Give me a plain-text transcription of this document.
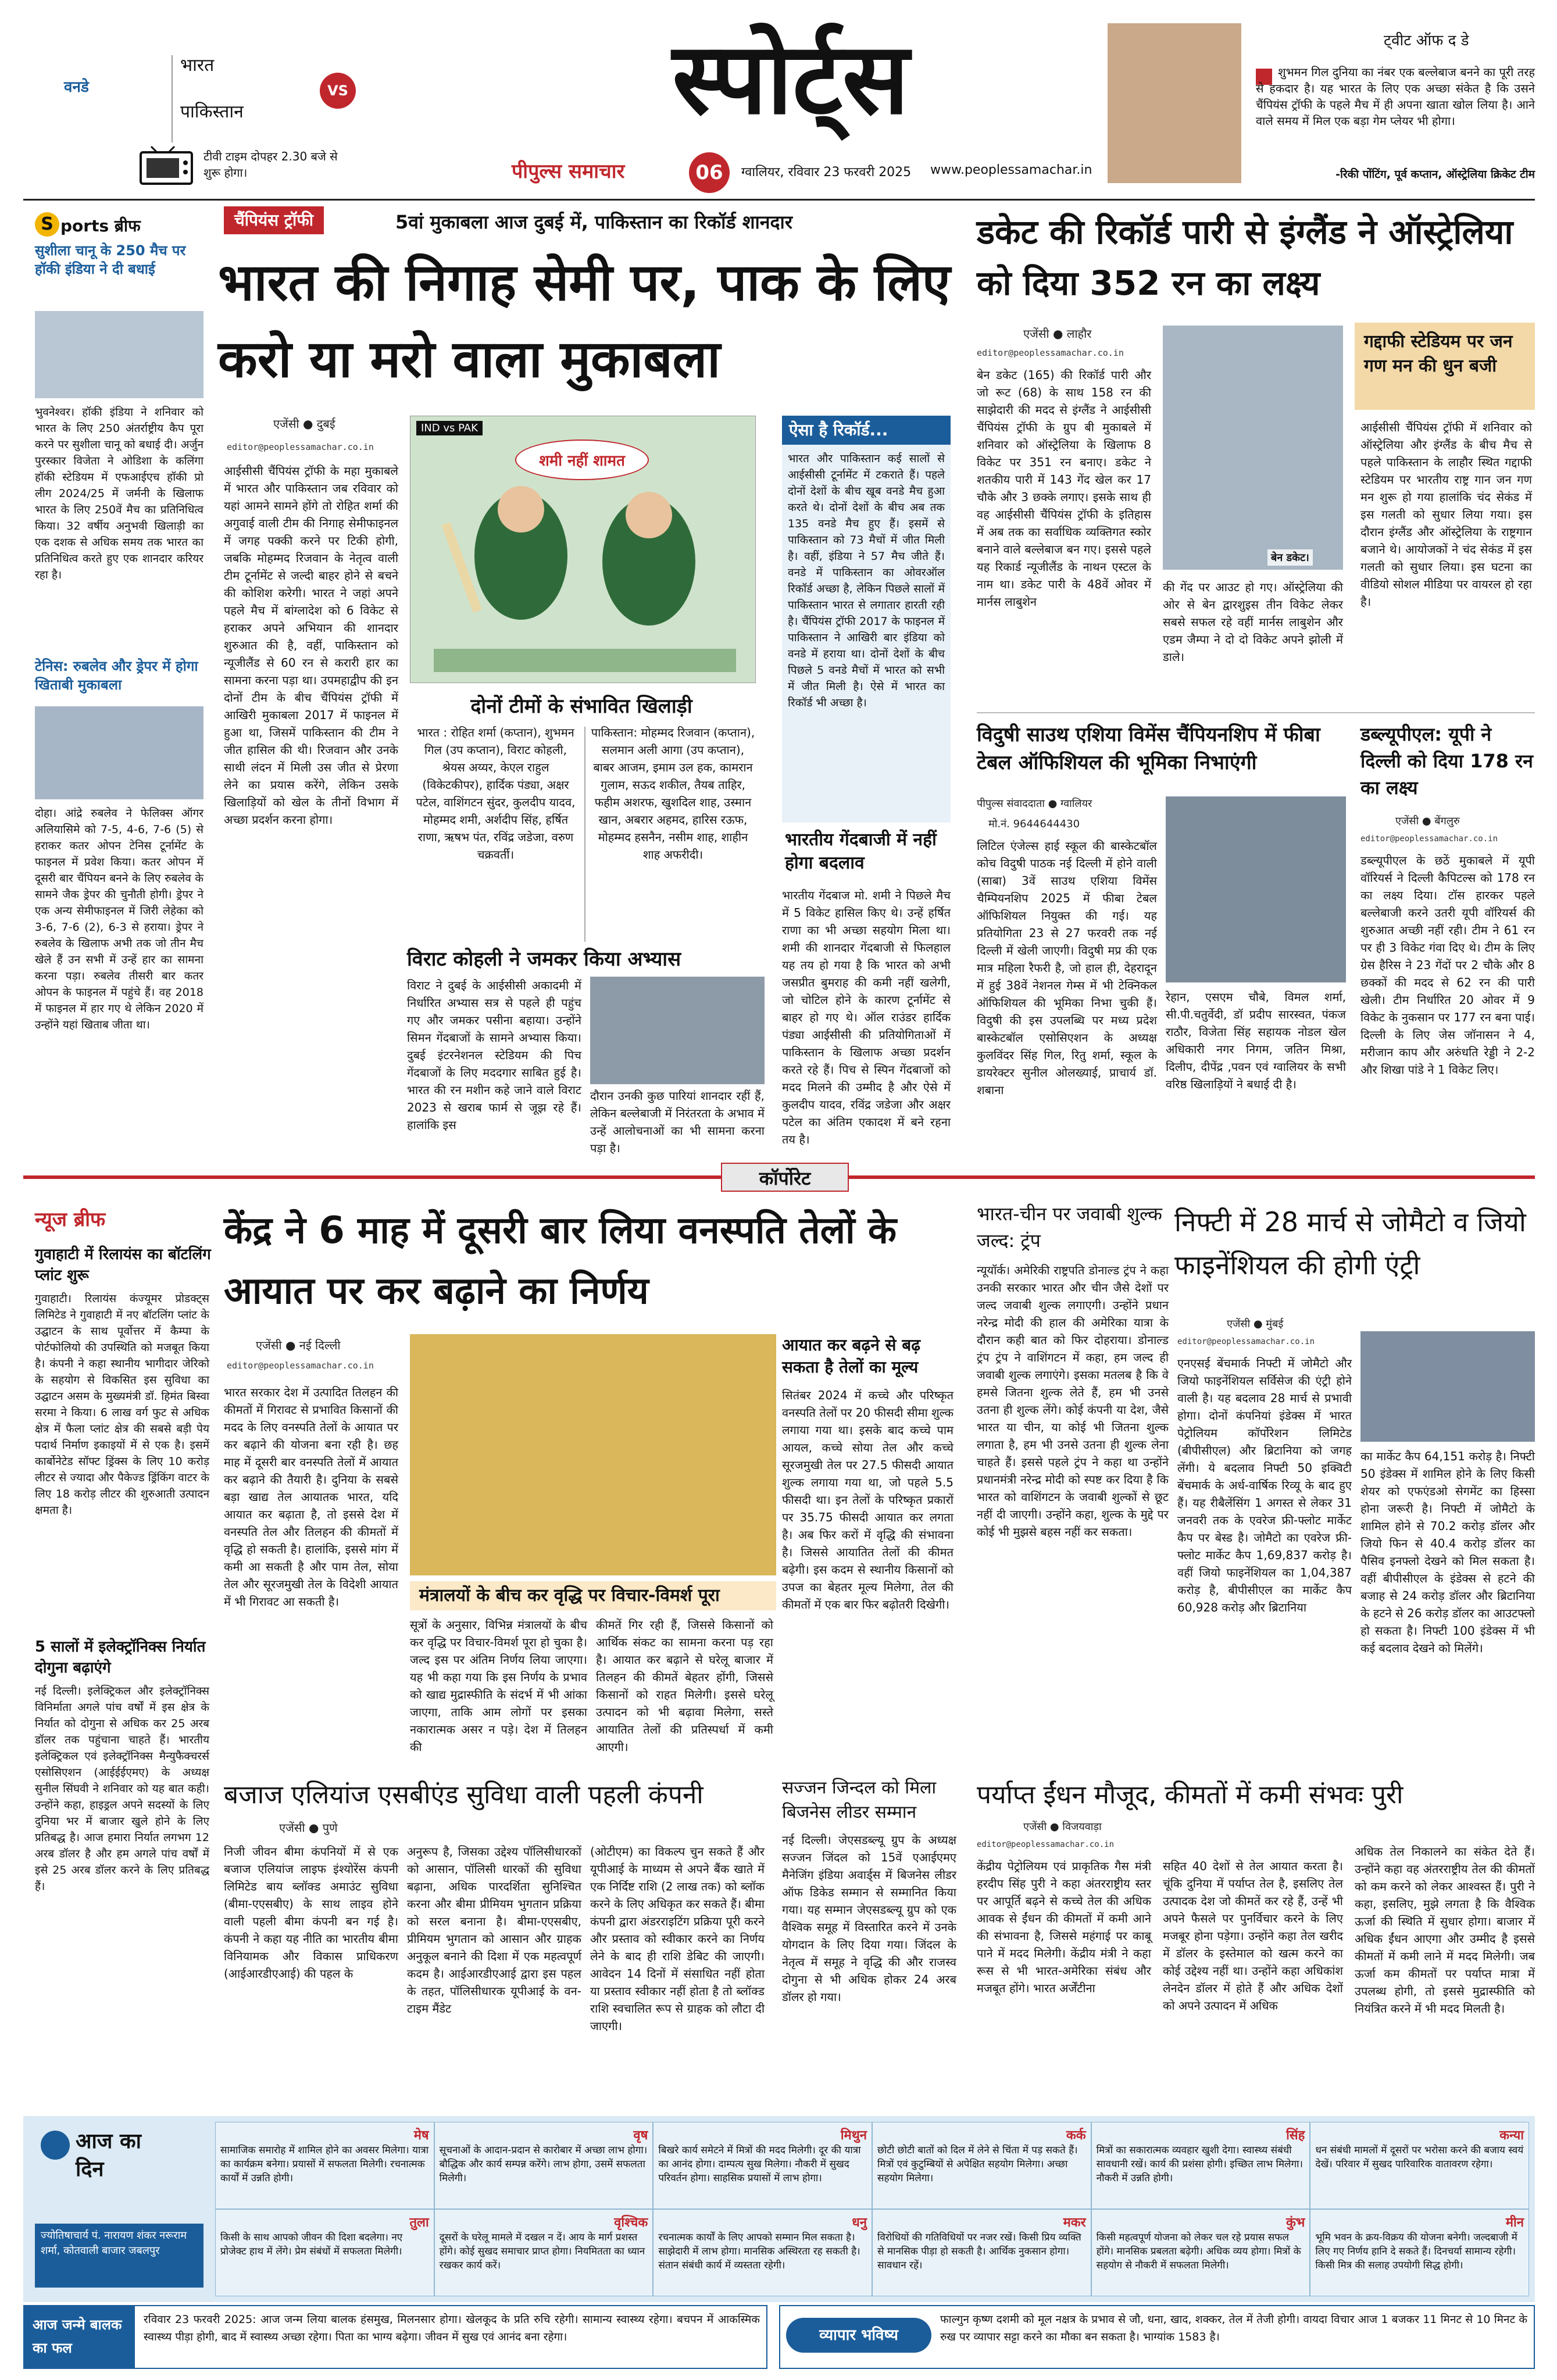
वनडे
भारत
पाकिस्तान
VS
टीवी टाइम दोपहर 2.30 बजे से शुरू होगा।
स्पोर्ट्स
पीपुल्स समाचार	06	ग्वालियर, रविवार 23 फरवरी 2025 www.peoplessamachar.in
ट्वीट ऑफ द डे
शुभमन गिल दुनिया का नंबर एक बल्लेबाज बनने का पूरी तरह से हकदार है। यह भारत के लिए एक अच्छा संकेत है कि उसने चैंपियंस ट्रॉफी के पहले मैच में ही अपना खाता खोल लिया है। आने वाले समय में मिल एक बड़ा गेम प्लेयर भी होगा।
-रिकी पोंटिंग, पूर्व कप्तान, ऑस्ट्रेलिया क्रिकेट टीम
S ports ब्रीफ
सुशीला चानू के 250 मैच पर हॉकी इंडिया ने दी बधाई
भुवनेश्वर। हॉकी इंडिया ने शनिवार को भारत के लिए 250 अंतर्राष्ट्रीय कैप पूरा करने पर सुशीला चानू को बधाई दी। अर्जुन पुरस्कार विजेता ने ओडिशा के कलिंगा हॉकी स्टेडियम में एफआईएच हॉकी प्रो लीग 2024/25 में जर्मनी के खिलाफ भारत के लिए 250वें मैच का प्रतिनिधित्व किया। 32 वर्षीय अनुभवी खिलाड़ी का एक दशक से अधिक समय तक भारत का प्रतिनिधित्व करते हुए एक शानदार करियर रहा है।
टेनिस: रुबलेव और ड्रेपर में होगा खिताबी मुकाबला
दोहा। आंद्रे रुबलेव ने फेलिक्स ऑगर अलियासिमे को 7-5, 4-6, 7-6 (5) से हराकर कतर ओपन टेनिस टूर्नामेंट के फाइनल में प्रवेश किया। कतर ओपन में दूसरी बार चैंपियन बनने के लिए रुबलेव के सामने जैक ड्रेपर की चुनौती होगी। ड्रेपर ने एक अन्य सेमीफाइनल में जिरी लेहेका को 3-6, 7-6 (2), 6-3 से हराया। ड्रेपर ने रुबलेव के खिलाफ अभी तक जो तीन मैच खेले हैं उन सभी में उन्हें हार का सामना करना पड़ा। रुबलेव तीसरी बार कतर ओपन के फाइनल में पहुंचे हैं। वह 2018 में फाइनल में हार गए थे लेकिन 2020 में उन्होंने यहां खिताब जीता था।
चैंपियंस ट्रॉफी	5वां मुकाबला आज दुबई में, पाकिस्तान का रिकॉर्ड शानदार
भारत की निगाह सेमी पर, पाक के लिए करो या मरो वाला मुकाबला
एजेंसी ● दुबई
editor@peoplessamachar.co.in
आईसीसी चैंपियंस ट्रॉफी के महा मुकाबले में भारत और पाकिस्तान जब रविवार को यहां आमने सामने होंगे तो रोहित शर्मा की अगुवाई वाली टीम की निगाह सेमीफाइनल में जगह पक्की करने पर टिकी होगी, जबकि मोहम्मद रिजवान के नेतृत्व वाली टीम टूर्नामेंट से जल्दी बाहर होने से बचने की कोशिश करेगी। भारत ने जहां अपने पहले मैच में बांग्लादेश को 6 विकेट से हराकर अपने अभियान की शानदार शुरुआत की है, वहीं, पाकिस्तान को न्यूजीलैंड से 60 रन से करारी हार का सामना करना पड़ा था। उपमहाद्वीप की इन दोनों टीम के बीच चैंपियंस ट्रॉफी में आखिरी मुकाबला 2017 में फाइनल में हुआ था, जिसमें पाकिस्तान की टीम ने जीत हासिल की थी। रिजवान और उनके साथी लंदन में मिली उस जीत से प्रेरणा लेने का प्रयास करेंगे, लेकिन उसके खिलाड़ियों को खेल के तीनों विभाग में अच्छा प्रदर्शन करना होगा।
IND vs PAK
शमी नहीं शामत
दोनों टीमों के संभावित खिलाड़ी
भारत : रोहित शर्मा (कप्तान), शुभमन गिल (उप कप्तान), विराट कोहली, श्रेयस अय्यर, केएल राहुल (विकेटकीपर), हार्दिक पंड्या, अक्षर पटेल, वाशिंगटन सुंदर, कुलदीप यादव, मोहम्मद शमी, अर्शदीप सिंह, हर्षित राणा, ऋषभ पंत, रविंद्र जडेजा, वरुण चक्रवर्ती।
पाकिस्तान: मोहम्मद रिजवान (कप्तान), सलमान अली आगा (उप कप्तान), बाबर आजम, इमाम उल हक, कामरान गुलाम, सऊद शकील, तैयब ताहिर, फहीम अशरफ, खुशदिल शाह, उस्मान खान, अबरार अहमद, हारिस रऊफ, मोहम्मद हसनैन, नसीम शाह, शाहीन शाह अफरीदी।
विराट कोहली ने जमकर किया अभ्यास
विराट ने दुबई के आईसीसी अकादमी में निर्धारित अभ्यास सत्र से पहले ही पहुंच गए और जमकर पसीना बहाया। उन्होंने सिमन गेंदबाजों के सामने अभ्यास किया। दुबई इंटरनेशनल स्टेडियम की पिच गेंदबाजों के लिए मददगार साबित हुई है। भारत की रन मशीन कहे जाने वाले विराट 2023 से खराब फार्म से जूझ रहे हैं। हालांकि इस
दौरान उनकी कुछ पारियां शानदार रहीं हैं, लेकिन बल्लेबाजी में निरंतरता के अभाव में उन्हें आलोचनाओं का भी सामना करना पड़ा है।
ऐसा है रिकॉर्ड...
भारत और पाकिस्तान कई सालों से आईसीसी टूर्नामेंट में टकराते हैं। पहले दोनों देशों के बीच खूब वनडे मैच हुआ करते थे। दोनों देशों के बीच अब तक 135 वनडे मैच हुए हैं। इसमें से पाकिस्तान को 73 मैचों में जीत मिली है। वहीं, इंडिया ने 57 मैच जीते हैं। वनडे में पाकिस्तान का ओवरऑल रिकॉर्ड अच्छा है, लेकिन पिछले सालों में पाकिस्तान भारत से लगातार हारती रही है। चैंपियंस ट्रॉफी 2017 के फाइनल में पाकिस्तान ने आखिरी बार इंडिया को वनडे में हराया था। दोनों देशों के बीच पिछले 5 वनडे मैचों में भारत को सभी में जीत मिली है। ऐसे में भारत का रिकॉर्ड भी अच्छा है।
भारतीय गेंदबाजी में नहीं होगा बदलाव
भारतीय गेंदबाज मो. शमी ने पिछले मैच में 5 विकेट हासिल किए थे। उन्हें हर्षित राणा का भी अच्छा सहयोग मिला था। शमी की शानदार गेंदबाजी से फिलहाल यह तय हो गया है कि भारत को अभी जसप्रीत बुमराह की कमी नहीं खलेगी, जो चोटिल होने के कारण टूर्नामेंट से बाहर हो गए थे। ऑल राउंडर हार्दिक पंड्या आईसीसी की प्रतियोगिताओं में पाकिस्तान के खिलाफ अच्छा प्रदर्शन करते रहे हैं। पिच से स्पिन गेंदबाजों को मदद मिलने की उम्मीद है और ऐसे में कुलदीप यादव, रविंद्र जडेजा और अक्षर पटेल का अंतिम एकादश में बने रहना तय है।
डकेट की रिकॉर्ड पारी से इंग्लैंड ने ऑस्ट्रेलिया को दिया 352 रन का लक्ष्य
एजेंसी ● लाहौर
editor@peoplessamachar.co.in
बेन डकेट (165) की रिकॉर्ड पारी और जो रूट (68) के साथ 158 रन की साझेदारी की मदद से इंग्लैंड ने आईसीसी चैंपियंस ट्रॉफी के ग्रुप बी मुकाबले में शनिवार को ऑस्ट्रेलिया के खिलाफ 8 विकेट पर 351 रन बनाए। डकेट ने शतकीय पारी में 143 गेंद खेल कर 17 चौके और 3 छक्के लगाए। इसके साथ ही वह आईसीसी चैंपियंस ट्रॉफी के इतिहास में अब तक का सर्वाधिक व्यक्तिगत स्कोर बनाने वाले बल्लेबाज बन गए। इससे पहले यह रिकार्ड न्यूजीलैंड के नाथन एस्टल के नाम था। डकेट पारी के 48वें ओवर में मार्नस लाबुशेन
बेन डकेट।
की गेंद पर आउट हो गए। ऑस्ट्रेलिया की ओर से बेन द्वारशुइस तीन विकेट लेकर सबसे सफल रहे वहीं मार्नस लाबुशेन और एडम जैम्पा ने दो दो विकेट अपने झोली में डाले।
गद्दाफी स्टेडियम पर जन गण मन की धुन बजी
आईसीसी चैंपियंस ट्रॉफी में शनिवार को ऑस्ट्रेलिया और इंग्लैंड के बीच मैच से पहले पाकिस्तान के लाहौर स्थित गद्दाफी स्टेडियम पर भारतीय राष्ट्र गान जन गण मन शुरू हो गया हालांकि चंद सेकंड में इस गलती को सुधार लिया गया। इस दौरान इंग्लैंड और ऑस्ट्रेलिया के राष्ट्रगान बजाने थे। आयोजकों ने चंद सेकंड में इस गलती को सुधार लिया। इस घटना का वीडियो सोशल मीडिया पर वायरल हो रहा है।
विदुषी साउथ एशिया विमेंस चैंपियनशिप में फीबा टेबल ऑफिशियल की भूमिका निभाएंगी
पीपुल्स संवाददाता ● ग्वालियर
मो.नं. 9644644430
लिटिल एंजेल्स हाई स्कूल की बास्केटबॉल कोच विदुषी पाठक नई दिल्ली में होने वाली (साबा) 3वें साउथ एशिया विमेंस चैम्पियनशिप 2025 में फीबा टेबल ऑफिशियल नियुक्त की गई। यह प्रतियोगिता 23 से 27 फरवरी तक नई दिल्ली में खेली जाएगी। विदुषी मप्र की एक मात्र महिला रैफरी है, जो हाल ही, देहरादून में हुई 38वें नेशनल गेम्स में भी टेक्निकल ऑफिशियल की भूमिका निभा चुकी हैं। विदुषी की इस उपलब्धि पर मध्य प्रदेश बास्केटबॉल एसोसिएशन के अध्यक्ष कुलविंदर सिंह गिल, रितु शर्मा, स्कूल के डायरेक्टर सुनील ओलख्याई, प्राचार्य डॉ. शबाना
रेहान, एसएम चौबे, विमल शर्मा, सी.पी.चतुर्वेदी, डॉ प्रदीप सारस्वत, पंकज राठौर, विजेता सिंह सहायक नोडल खेल अधिकारी नगर निगम, जतिन मिश्रा, दिलीप, दीपेंद्र ,पवन एवं ग्वालियर के सभी वरिष्ठ खिलाड़ियों ने बधाई दी है।
डब्ल्यूपीएल: यूपी ने दिल्ली को दिया 178 रन का लक्ष्य
एजेंसी ● बेंगलुरु
editor@peoplessamachar.co.in
डब्ल्यूपीएल के छठें मुकाबले में यूपी वॉरियर्स ने दिल्ली कैपिटल्स को 178 रन का लक्ष्य दिया। टॉस हारकर पहले बल्लेबाजी करने उतरी यूपी वॉरियर्स की शुरुआत अच्छी नहीं रही। टीम ने 61 रन पर ही 3 विकेट गंवा दिए थे। टीम के लिए ग्रेस हैरिस ने 23 गेंदों पर 2 चौके और 8 छक्कों की मदद से 62 रन की पारी खेली। टीम निर्धारित 20 ओवर में 9 विकेट के नुकसान पर 177 रन बना पाई। दिल्ली के लिए जेस जॉनासन ने 4, मरीजान काप और अरुंधति रेड्डी ने 2-2 और शिखा पांडे ने 1 विकेट लिए।
कॉर्पोरेट
न्यूज ब्रीफ
गुवाहाटी में रिलायंस का बॉटलिंग प्लांट शुरू
गुवाहाटी। रिलायंस कंज्यूमर प्रोडक्ट्स लिमिटेड ने गुवाहाटी में नए बॉटलिंग प्लांट के उद्घाटन के साथ पूर्वोत्तर में कैम्पा के पोर्टफोलियो की उपस्थिति को मजबूत किया है। कंपनी ने कहा स्थानीय भागीदार जेरिको के सहयोग से विकसित इस सुविधा का उद्घाटन असम के मुख्यमंत्री डॉ. हिमंत बिस्वा सरमा ने किया। 6 लाख वर्ग फुट से अधिक क्षेत्र में फैला प्लांट क्षेत्र की सबसे बड़ी पेय पदार्थ निर्माण इकाइयों में से एक है। इसमें कार्बोनेटेड सॉफ्ट ड्रिंक्स के लिए 10 करोड़ लीटर से ज्यादा और पैकेज्ड ड्रिंकिंग वाटर के लिए 18 करोड़ लीटर की शुरुआती उत्पादन क्षमता है।
5 सालों में इलेक्ट्रॉनिक्स निर्यात दोगुना बढ़ाएंगे
नई दिल्ली। इलेक्ट्रिकल और इलेक्ट्रॉनिक्स विनिर्माता अगले पांच वर्षों में इस क्षेत्र के निर्यात को दोगुना से अधिक कर 25 अरब डॉलर तक पहुंचाना चाहते हैं। भारतीय इलेक्ट्रिकल एवं इलेक्ट्रॉनिक्स मैन्युफैक्चरर्स एसोसिएशन (आईईईएमए) के अध्यक्ष सुनील सिंघवी ने शनिवार को यह बात कही। उन्होंने कहा, हाइड्रल अपने सदस्यों के लिए दुनिया भर में बाजार खुले होने के लिए प्रतिबद्ध है। आज हमारा निर्यात लगभग 12 अरब डॉलर है और हम अगले पांच वर्षों में इसे 25 अरब डॉलर करने के लिए प्रतिबद्ध हैं।
केंद्र ने 6 माह में दूसरी बार लिया वनस्पति तेलों के आयात पर कर बढ़ाने का निर्णय
एजेंसी ● नई दिल्ली
editor@peoplessamachar.co.in
भारत सरकार देश में उत्पादित तिलहन की कीमतों में गिरावट से प्रभावित किसानों की मदद के लिए वनस्पति तेलों के आयात पर कर बढ़ाने की योजना बना रही है। छह माह में दूसरी बार वनस्पति तेलों में आयात कर बढ़ाने की तैयारी है। दुनिया के सबसे बड़ा खाद्य तेल आयातक भारत, यदि आयात कर बढ़ाता है, तो इससे देश में वनस्पति तेल और तिलहन की कीमतों में वृद्धि हो सकती है। हालांकि, इससे मांग में कमी आ सकती है और पाम तेल, सोया तेल और सूरजमुखी तेल के विदेशी आयात में भी गिरावट आ सकती है।
आयात कर बढ़ने से बढ़ सकता है तेलों का मूल्य
सितंबर 2024 में कच्चे और परिष्कृत वनस्पति तेलों पर 20 फीसदी सीमा शुल्क लगाया गया था। इसके बाद कच्चे पाम आयल, कच्चे सोया तेल और कच्चे सूरजमुखी तेल पर 27.5 फीसदी आयात शुल्क लगाया गया था, जो पहले 5.5 फीसदी था। इन तेलों के परिष्कृत प्रकारों पर 35.75 फीसदी आयात कर लगता है। अब फिर करों में वृद्धि की संभावना है। जिससे आयातित तेलों की कीमत बढ़ेगी। इस कदम से स्थानीय किसानों को उपज का बेहतर मूल्य मिलेगा, तेल की कीमतों में एक बार फिर बढ़ोतरी दिखेगी।
मंत्रालयों के बीच कर वृद्धि पर विचार-विमर्श पूरा
सूत्रों के अनुसार, विभिन्न मंत्रालयों के बीच कर वृद्धि पर विचार-विमर्श पूरा हो चुका है। जल्द इस पर अंतिम निर्णय लिया जाएगा। यह भी कहा गया कि इस निर्णय के प्रभाव को खाद्य मुद्रास्फीति के संदर्भ में भी आंका जाएगा, ताकि आम लोगों पर इसका नकारात्मक असर न पड़े। देश में तिलहन की
कीमतें गिर रही हैं, जिससे किसानों को आर्थिक संकट का सामना करना पड़ रहा है। आयात कर बढ़ाने से घरेलू बाजार में तिलहन की कीमतें बेहतर होंगी, जिससे किसानों को राहत मिलेगी। इससे घरेलू उत्पादन को भी बढ़ावा मिलेगा, सस्ते आयातित तेलों की प्रतिस्पर्धा में कमी आएगी।
भारत-चीन पर जवाबी शुल्क जल्द: ट्रंप
न्यूयॉर्क। अमेरिकी राष्ट्रपति डोनाल्ड ट्रंप ने कहा उनकी सरकार भारत और चीन जैसे देशों पर जल्द जवाबी शुल्क लगाएगी। उन्होंने प्रधान नरेन्द्र मोदी की हाल की अमेरिका यात्रा के दौरान कही बात को फिर दोहराया। डोनाल्ड ट्रंप ट्रंप ने वाशिंगटन में कहा, हम जल्द ही जवाबी शुल्क लगाएंगे। इसका मतलब है कि वे हमसे जितना शुल्क लेते हैं, हम भी उनसे उतना ही शुल्क लेंगे। कोई कंपनी या देश, जैसे भारत या चीन, या कोई भी जितना शुल्क लगाता है, हम भी उनसे उतना ही शुल्क लेना चाहते हैं। इससे पहले ट्रंप ने कहा था उन्होंने प्रधानमंत्री नरेन्द्र मोदी को स्पष्ट कर दिया है कि भारत को वाशिंगटन के जवाबी शुल्कों से छूट नहीं दी जाएगी। उन्होंने कहा, शुल्क के मुद्दे पर कोई भी मुझसे बहस नहीं कर सकता।
निफ्टी में 28 मार्च से जोमैटो व जियो फाइनेंशियल की होगी एंट्री
एजेंसी ● मुंबई
editor@peoplessamachar.co.in
एनएसई बेंचमार्क निफ्टी में जोमैटो और जियो फाइनेंशियल सर्विसेज की एंट्री होने वाली है। यह बदलाव 28 मार्च से प्रभावी होगा। दोनों कंपनियां इंडेक्स में भारत पेट्रोलियम कॉर्पोरेशन लिमिटेड (बीपीसीएल) और ब्रिटानिया को जगह लेंगी। ये बदलाव निफ्टी 50 इक्विटी बेंचमार्क के अर्ध-वार्षिक रिव्यू के बाद हुए हैं। यह रीबैलेंसिंग 1 अगस्त से लेकर 31 जनवरी तक के एवरेज फ्री-फ्लोट मार्केट कैप पर बेस्ड है। जोमैटो का एवरेज फ्री-फ्लोट मार्केट कैप 1,69,837 करोड़ है। वहीं जियो फाइनेंशियल का 1,04,387 करोड़ है, बीपीसीएल का मार्केट कैप 60,928 करोड़ और ब्रिटानिया
का मार्केट कैप 64,151 करोड़ है। निफ्टी 50 इंडेक्स में शामिल होने के लिए किसी शेयर को एफएंडओ सेगमेंट का हिस्सा होना जरूरी है। निफ्टी में जोमैटो के शामिल होने से 70.2 करोड़ डॉलर और जियो फिन से 40.4 करोड़ डॉलर का पैसिव इनफ्लो देखने को मिल सकता है। वहीं बीपीसीएल के इंडेक्स से हटने की बजाह से 24 करोड़ डॉलर और ब्रिटानिया के हटने से 26 करोड़ डॉलर का आउटफ्लो हो सकता है। निफ्टी 100 इंडेक्स में भी कई बदलाव देखने को मिलेंगे।
बजाज एलियांज एसबीएंड सुविधा वाली पहली कंपनी
एजेंसी ● पुणे
निजी जीवन बीमा कंपनियों में से एक बजाज एलियांज लाइफ इंश्योरेंस कंपनी लिमिटेड बाय ब्लॉक्ड अमाउंट सुविधा (बीमा-एएसबीए) के साथ लाइव होने वाली पहली बीमा कंपनी बन गई है। कंपनी ने कहा यह नीति का भारतीय बीमा विनियामक और विकास प्राधिकरण (आईआरडीएआई) की पहल के
अनुरूप है, जिसका उद्देश्य पॉलिसीधारकों को आसान, पॉलिसी धारकों की सुविधा बढ़ाना, अधिक पारदर्शिता सुनिश्चित करना और बीमा प्रीमियम भुगतान प्रक्रिया को सरल बनाना है। बीमा-एएसबीए, प्रीमियम भुगतान को आसान और ग्राहक अनुकूल बनाने की दिशा में एक महत्वपूर्ण कदम है। आईआरडीएआई द्वारा इस पहल के तहत, पॉलिसीधारक यूपीआई के वन-टाइम मैंडेट
(ओटीएम) का विकल्प चुन सकते हैं और यूपीआई के माध्यम से अपने बैंक खाते में एक निर्दिष्ट राशि (2 लाख तक) को ब्लॉक करने के लिए अधिकृत कर सकते हैं। बीमा कंपनी द्वारा अंडरराइटिंग प्रक्रिया पूरी करने और प्रस्ताव को स्वीकार करने का निर्णय लेने के बाद ही राशि डेबिट की जाएगी। आवेदन 14 दिनों में संसाधित नहीं होता या प्रस्ताव स्वीकार नहीं होता है तो ब्लॉक्ड राशि स्वचालित रूप से ग्राहक को लौटा दी जाएगी।
सज्जन जिन्दल को मिला बिजनेस लीडर सम्मान
नई दिल्ली। जेएसडब्ल्यू ग्रुप के अध्यक्ष सज्जन जिंदल को 15वें एआईएमए मैनेजिंग इंडिया अवार्ड्स में बिजनेस लीडर ऑफ डिकेड सम्मान से सम्मानित किया गया। यह सम्मान जेएसडब्ल्यू ग्रुप को एक वैश्विक समूह में विस्तारित करने में उनके योगदान के लिए दिया गया। जिंदल के नेतृत्व में समूह ने वृद्धि की और राजस्व दोगुना से भी अधिक होकर 24 अरब डॉलर हो गया।
पर्याप्त ईंधन मौजूद, कीमतों में कमी संभवः पुरी
एजेंसी ● विजयवाड़ा
editor@peoplessamachar.co.in
केंद्रीय पेट्रोलियम एवं प्राकृतिक गैस मंत्री हरदीप सिंह पुरी ने कहा अंतरराष्ट्रीय स्तर पर आपूर्ति बढ़ने से कच्चे तेल की अधिक आवक से ईंधन की कीमतों में कमी आने की संभावना है, जिससे महंगाई पर काबू पाने में मदद मिलेगी। केंद्रीय मंत्री ने कहा रूस से भी भारत-अमेरिका संबंध और मजबूत होंगे। भारत अर्जेंटीना
सहित 40 देशों से तेल आयात करता है। चूंकि दुनिया में पर्याप्त तेल है, इसलिए तेल उत्पादक देश जो कीमतें कर रहे हैं, उन्हें भी अपने फैसले पर पुनर्विचार करने के लिए मजबूर होना पड़ेगा। उन्होंने कहा तेल खरीद में डॉलर के इस्तेमाल को खत्म करने का कोई उद्देश्य नहीं था। उन्होंने कहा अधिकांश लेनदेन डॉलर में होते हैं और अधिक देशों को अपने उत्पादन में अधिक
अधिक तेल निकालने का संकेत देते हैं। उन्होंने कहा वह अंतरराष्ट्रीय तेल की कीमतों को कम करने को लेकर आश्वस्त हैं। पुरी ने कहा, इसलिए, मुझे लगता है कि वैश्विक ऊर्जा की स्थिति में सुधार होगा। बाजार में अधिक ईंधन आएगा और उम्मीद है इससे कीमतों में कमी लाने में मदद मिलेगी। जब ऊर्जा कम कीमतों पर पर्याप्त मात्रा में उपलब्ध होगी, तो इससे मुद्रास्फीति को नियंत्रित करने में भी मदद मिलती है।
आज का दिन
ज्योतिषाचार्य पं. नारायण शंकर नरूराम शर्मा, कोतवाली बाजार जबलपुर
मेष
सामाजिक समारोह में शामिल होने का अवसर मिलेगा। यात्रा का कार्यक्रम बनेगा। प्रयासों में सफलता मिलेगी। रचनात्मक कार्यों में उन्नति होगी।
वृष
सूचनाओं के आदान-प्रदान से कारोबार में अच्छा लाभ होगा। बौद्धिक और कार्य सम्पन्न करेंगे। लाभ होगा, उसमें सफलता मिलेगी।
मिथुन
बिखरे कार्य समेटने में मित्रों की मदद मिलेगी। दूर की यात्रा का आनंद होगा। दाम्पत्य सुख मिलेगा। नौकरी में सुखद परिवर्तन होगा। साहसिक प्रयासों में लाभ होगा।
कर्क
छोटी छोटी बातों को दिल में लेने से चिंता में पड़ सकते हैं। मित्रों एवं कुटुम्बियों से अपेक्षित सहयोग मिलेगा। अच्छा सहयोग मिलेगा।
सिंह
मित्रों का सकारात्मक व्यवहार खुशी देगा। स्वास्थ्य संबंधी सावधानी रखें। कार्य की प्रशंसा होगी। इच्छित लाभ मिलेगा। नौकरी में उन्नति होगी।
कन्या
धन संबंधी मामलों में दूसरों पर भरोसा करने की बजाय स्वयं देखें। परिवार में सुखद पारिवारिक वातावरण रहेगा।
तुला
किसी के साथ आपको जीवन की दिशा बदलेगा। नए प्रोजेक्ट हाथ में लेंगे। प्रेम संबंधों में सफलता मिलेगी।
वृश्चिक
दूसरों के घरेलू मामले में दखल न दें। आय के मार्ग प्रशस्त होंगे। कोई सुखद समाचार प्राप्त होगा। नियमितता का ध्यान रखकर कार्य करें।
धनु
रचनात्मक कार्यों के लिए आपको सम्मान मिल सकता है। साझेदारी में लाभ होगा। मानसिक अस्थिरता रह सकती है। संतान संबंधी कार्य में व्यस्तता रहेगी।
मकर
विरोधियों की गतिविधियों पर नजर रखें। किसी प्रिय व्यक्ति से मानसिक पीड़ा हो सकती है। आर्थिक नुकसान होगा। सावधान रहें।
कुंभ
किसी महत्वपूर्ण योजना को लेकर चल रहे प्रयास सफल होंगे। मानसिक प्रबलता बढ़ेगी। अधिक व्यय होगा। मित्रों के सहयोग से नौकरी में सफलता मिलेगी।
मीन
भूमि भवन के क्रय-विक्रय की योजना बनेगी। जल्दबाजी में लिए गए निर्णय हानि दे सकते हैं। दिनचर्या सामान्य रहेगी। किसी मित्र की सलाह उपयोगी सिद्ध होगी।
आज जन्मे बालक का फल
रविवार 23 फरवरी 2025: आज जन्म लिया बालक हंसमुख, मिलनसार होगा। खेलकूद के प्रति रुचि रहेगी। सामान्य स्वास्थ्य रहेगा। बचपन में आकस्मिक स्वास्थ्य पीड़ा होगी, बाद में स्वास्थ्य अच्छा रहेगा। पिता का भाग्य बढ़ेगा। जीवन में सुख एवं आनंद बना रहेगा।	व्यापार भविष्य
फाल्गुन कृष्ण दशमी को मूल नक्षत्र के प्रभाव से जौ, धना, खाद, शक्कर, तेल में तेजी होगी। वायदा विचार आज 1 बजकर 11 मिनट से 10 मिनट के रुख पर व्यापार सट्टा करने का मौका बन सकता है। भाग्यांक 1583 है।
